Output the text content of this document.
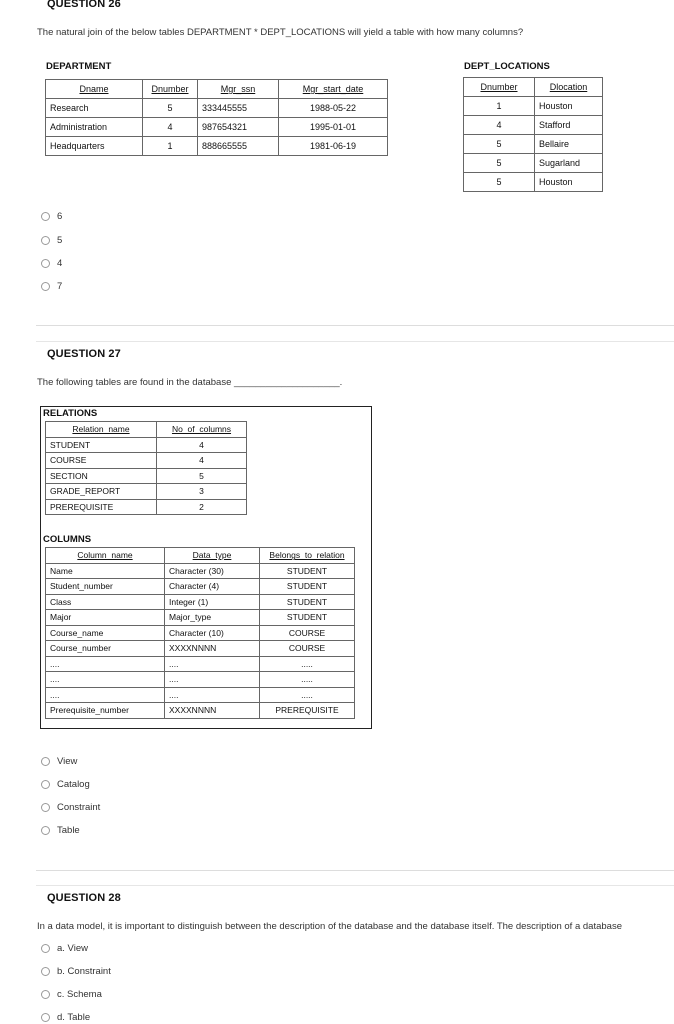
QUESTION 26
The natural join of the below tables DEPARTMENT * DEPT_LOCATIONS will yield a table with how many columns?
DEPARTMENT
Dname	Dnumber	Mgr_ssn	Mgr_start_date
Research	5	333445555	1988-05-22
Administration	4	987654321	1995-01-01
Headquarters	1	888665555	1981-06-19
DEPT_LOCATIONS
Dnumber	Dlocation
1	Houston
4	Stafford
5	Bellaire
5	Sugarland
5	Houston
6
5
4
7
QUESTION 27
The following tables are found in the database ____________________.
RELATIONS
Relation_name	No_of_columns
STUDENT	4
COURSE	4
SECTION	5
GRADE_REPORT	3
PREREQUISITE	2
COLUMNS
Column_name	Data_type	Belongs_to_relation
Name	Character (30)	STUDENT
Student_number	Character (4)	STUDENT
Class	Integer (1)	STUDENT
Major	Major_type	STUDENT
Course_name	Character (10)	COURSE
Course_number	XXXXNNNN	COURSE
....	....	.....
....	....	.....
....	....	.....
Prerequisite_number	XXXXNNNN	PREREQUISITE
View
Catalog
Constraint
Table
QUESTION 28
In a data model, it is important to distinguish between the description of the database and the database itself. The description of a database
a. View
b. Constraint
c. Schema
d. Table
